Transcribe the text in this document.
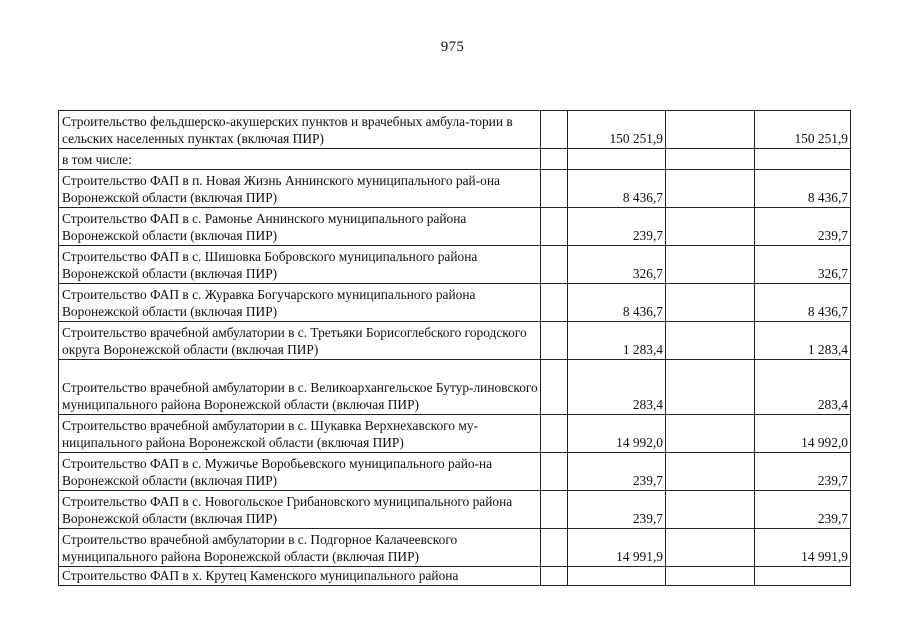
975
Строительство фельдшерско-акушерских пунктов и врачебных амбула-тории в сельских населенных пунктах (включая ПИР)		150 251,9		150 251,9
в том числе:				
Строительство ФАП в п. Новая Жизнь Аннинского муниципального рай-она Воронежской области (включая ПИР)		8 436,7		8 436,7
Строительство ФАП в с. Рамонье Аннинского муниципального района Воронежской области (включая ПИР)		239,7		239,7
Строительство ФАП в с. Шишовка Бобровского муниципального района Воронежской области (включая ПИР)		326,7		326,7
Строительство ФАП в с. Журавка Богучарского муниципального района Воронежской области (включая ПИР)		8 436,7		8 436,7
Строительство врачебной амбулатории в с. Третьяки Борисоглебского городского округа Воронежской области (включая ПИР)		1 283,4		1 283,4
Строительство врачебной амбулатории в с. Великоархангельское Бутур-линовского муниципального района Воронежской области (включая ПИР)		283,4		283,4
Строительство врачебной амбулатории в с. Шукавка Верхнехавского му-ниципального района Воронежской области (включая ПИР)		14 992,0		14 992,0
Строительство ФАП в с. Мужичье Воробьевского муниципального райо-на Воронежской области (включая ПИР)		239,7		239,7
Строительство ФАП в с. Новогольское Грибановского муниципального района Воронежской области (включая ПИР)		239,7		239,7
Строительство врачебной амбулатории в с. Подгорное Калачеевского муниципального района Воронежской области (включая ПИР)		14 991,9		14 991,9
Строительство ФАП в х. Крутец Каменского муниципального района				
